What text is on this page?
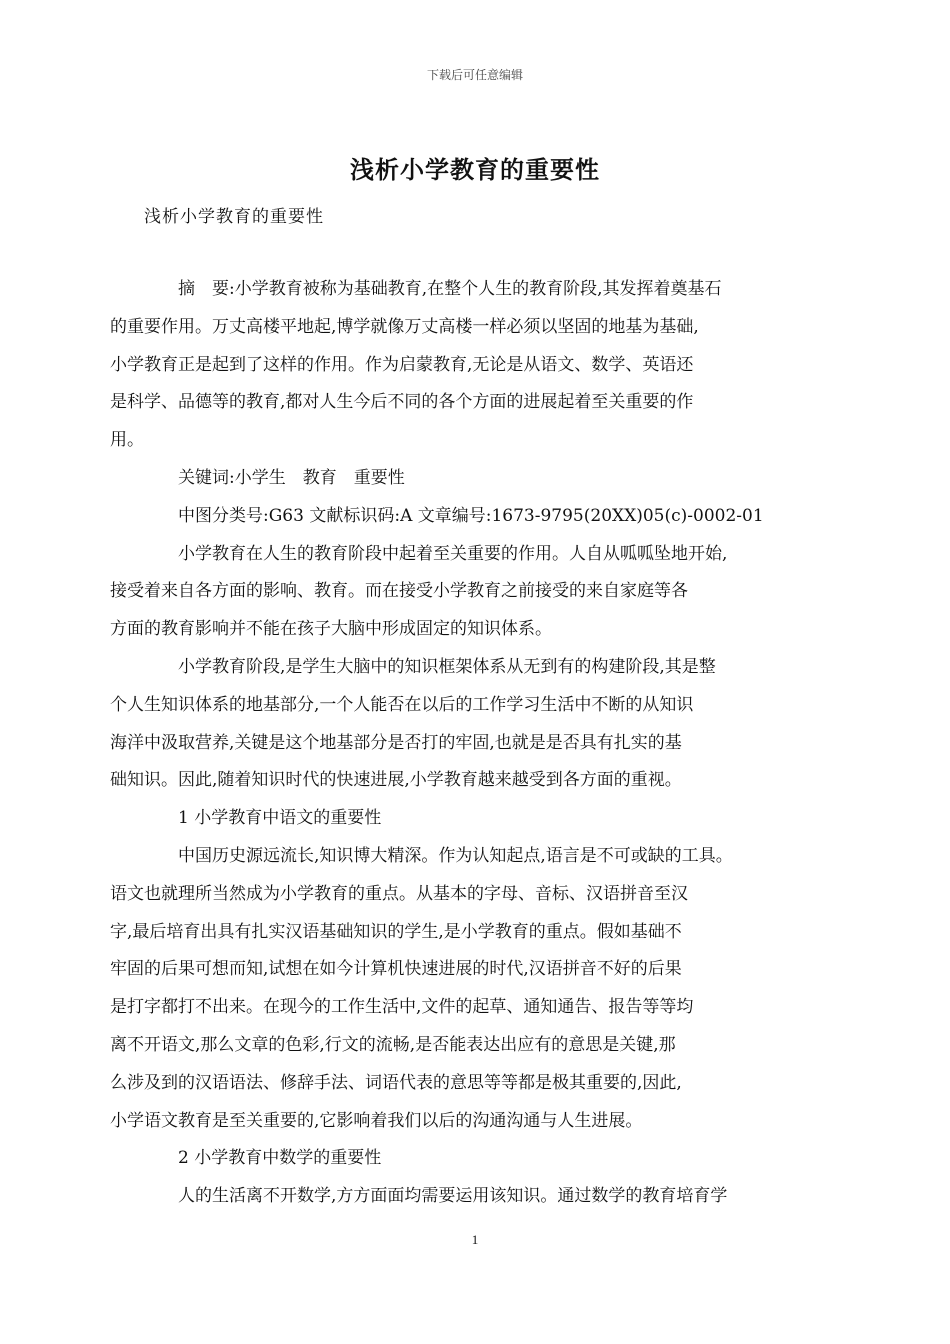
下载后可任意编辑
浅析小学教育的重要性
浅析小学教育的重要性

摘　要:小学教育被称为基础教育,在整个人生的教育阶段,其发挥着奠基石
的重要作用。万丈高楼平地起,博学就像万丈高楼一样必须以坚固的地基为基础,
小学教育正是起到了这样的作用。作为启蒙教育,无论是从语文、数学、英语还
是科学、品德等的教育,都对人生今后不同的各个方面的进展起着至关重要的作
用。

关键词:小学生　教育　重要性

中图分类号:G63 文献标识码:A 文章编号:1673-9795(20XX)05(c)-0002-01

小学教育在人生的教育阶段中起着至关重要的作用。人自从呱呱坠地开始,
接受着来自各方面的影响、教育。而在接受小学教育之前接受的来自家庭等各
方面的教育影响并不能在孩子大脑中形成固定的知识体系。

小学教育阶段,是学生大脑中的知识框架体系从无到有的构建阶段,其是整
个人生知识体系的地基部分,一个人能否在以后的工作学习生活中不断的从知识
海洋中汲取营养,关键是这个地基部分是否打的牢固,也就是是否具有扎实的基
础知识。因此,随着知识时代的快速进展,小学教育越来越受到各方面的重视。

1 小学教育中语文的重要性

中国历史源远流长,知识博大精深。作为认知起点,语言是不可或缺的工具。
语文也就理所当然成为小学教育的重点。从基本的字母、音标、汉语拼音至汉
字,最后培育出具有扎实汉语基础知识的学生,是小学教育的重点。假如基础不
牢固的后果可想而知,试想在如今计算机快速进展的时代,汉语拼音不好的后果
是打字都打不出来。在现今的工作生活中,文件的起草、通知通告、报告等等均
离不开语文,那么文章的色彩,行文的流畅,是否能表达出应有的意思是关键,那
么涉及到的汉语语法、修辞手法、词语代表的意思等等都是极其重要的,因此,
小学语文教育是至关重要的,它影响着我们以后的沟通沟通与人生进展。

2 小学教育中数学的重要性

人的生活离不开数学,方方面面均需要运用该知识。通过数学的教育培育学

1
